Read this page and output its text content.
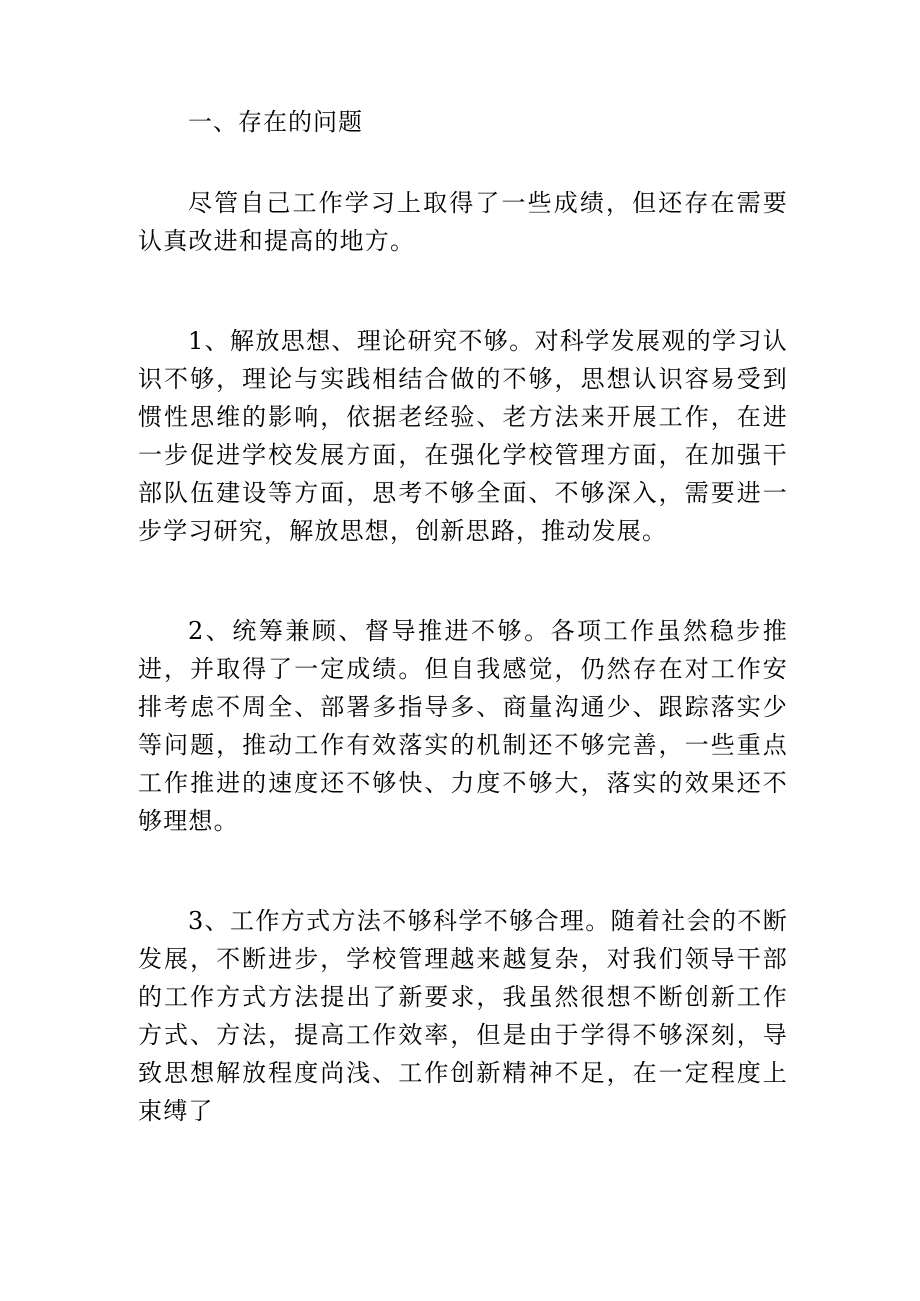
一、存在的问题

尽管自己工作学习上取得了一些成绩，但还存在需要认真改进和提高的地方。

1、解放思想、理论研究不够。对科学发展观的学习认识不够，理论与实践相结合做的不够，思想认识容易受到惯性思维的影响，依据老经验、老方法来开展工作，在进一步促进学校发展方面，在强化学校管理方面，在加强干部队伍建设等方面，思考不够全面、不够深入，需要进一步学习研究，解放思想，创新思路，推动发展。

2、统筹兼顾、督导推进不够。各项工作虽然稳步推进，并取得了一定成绩。但自我感觉，仍然存在对工作安排考虑不周全、部署多指导多、商量沟通少、跟踪落实少等问题，推动工作有效落实的机制还不够完善，一些重点工作推进的速度还不够快、力度不够大，落实的效果还不够理想。

3、工作方式方法不够科学不够合理。随着社会的不断发展，不断进步，学校管理越来越复杂，对我们领导干部的工作方式方法提出了新要求，我虽然很想不断创新工作方式、方法，提高工作效率，但是由于学得不够深刻，导致思想解放程度尚浅、工作创新精神不足，在一定程度上束缚了
